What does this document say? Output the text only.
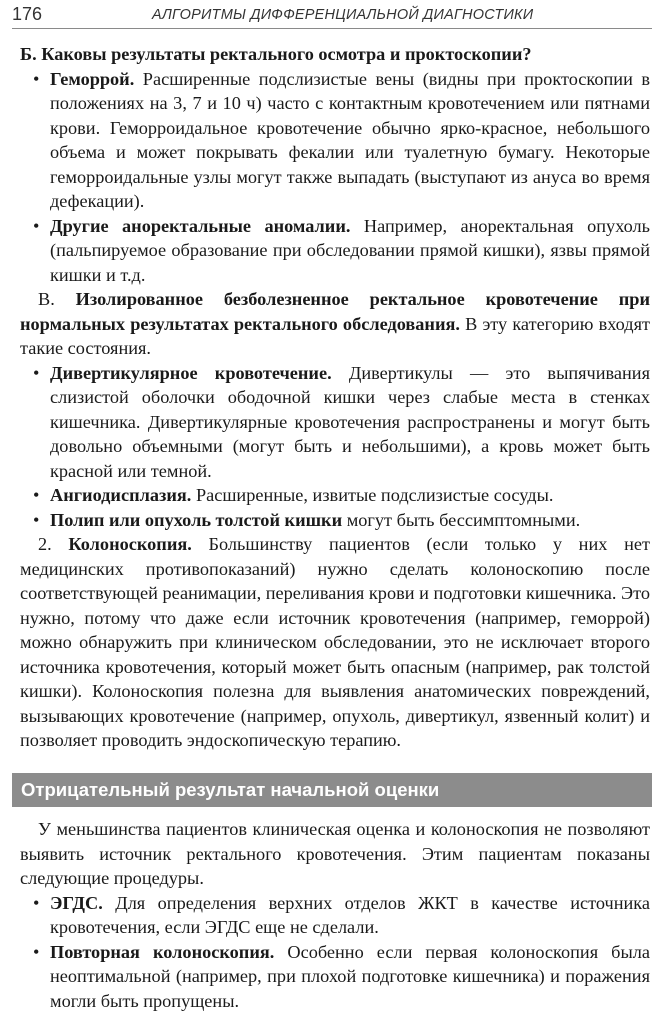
176	АЛГОРИТМЫ ДИФФЕРЕНЦИАЛЬНОЙ ДИАГНОСТИКИ

Б. Каковы результаты ректального осмотра и проктоскопии?

• Геморрой. Расширенные подслизистые вены (видны при проктоскопии в положениях на 3, 7 и 10 ч) часто с контактным кровотечением или пятнами крови. Геморроидальное кровотечение обычно ярко-красное, небольшого объема и может покрывать фекалии или туалетную бумагу. Некоторые геморроидальные узлы могут также выпадать (выступают из ануса во время дефекации).

• Другие аноректальные аномалии. Например, аноректальная опухоль (пальпируемое образование при обследовании прямой кишки), язвы прямой кишки и т.д.

В. Изолированное безболезненное ректальное кровотечение при нормальных результатах ректального обследования. В эту категорию входят такие состояния.

• Дивертикулярное кровотечение. Дивертикулы — это выпячивания слизистой оболочки ободочной кишки через слабые места в стенках кишечника. Дивертикулярные кровотечения распространены и могут быть довольно объемными (могут быть и небольшими), а кровь может быть красной или темной.

• Ангиодисплазия. Расширенные, извитые подслизистые сосуды.

• Полип или опухоль толстой кишки могут быть бессимптомными.

2. Колоноскопия. Большинству пациентов (если только у них нет медицинских противопоказаний) нужно сделать колоноскопию после соответствующей реанимации, переливания крови и подготовки кишечника. Это нужно, потому что даже если источник кровотечения (например, геморрой) можно обнаружить при клиническом обследовании, это не исключает второго источника кровотечения, который может быть опасным (например, рак толстой кишки). Колоноскопия полезна для выявления анатомических повреждений, вызывающих кровотечение (например, опухоль, дивертикул, язвенный колит) и позволяет проводить эндоскопическую терапию.

Отрицательный результат начальной оценки

У меньшинства пациентов клиническая оценка и колоноскопия не позволяют выявить источник ректального кровотечения. Этим пациентам показаны следующие процедуры.

• ЭГДС. Для определения верхних отделов ЖКТ в качестве источника кровотечения, если ЭГДС еще не сделали.

• Повторная колоноскопия. Особенно если первая колоноскопия была неоптимальной (например, при плохой подготовке кишечника) и поражения могли быть пропущены.
